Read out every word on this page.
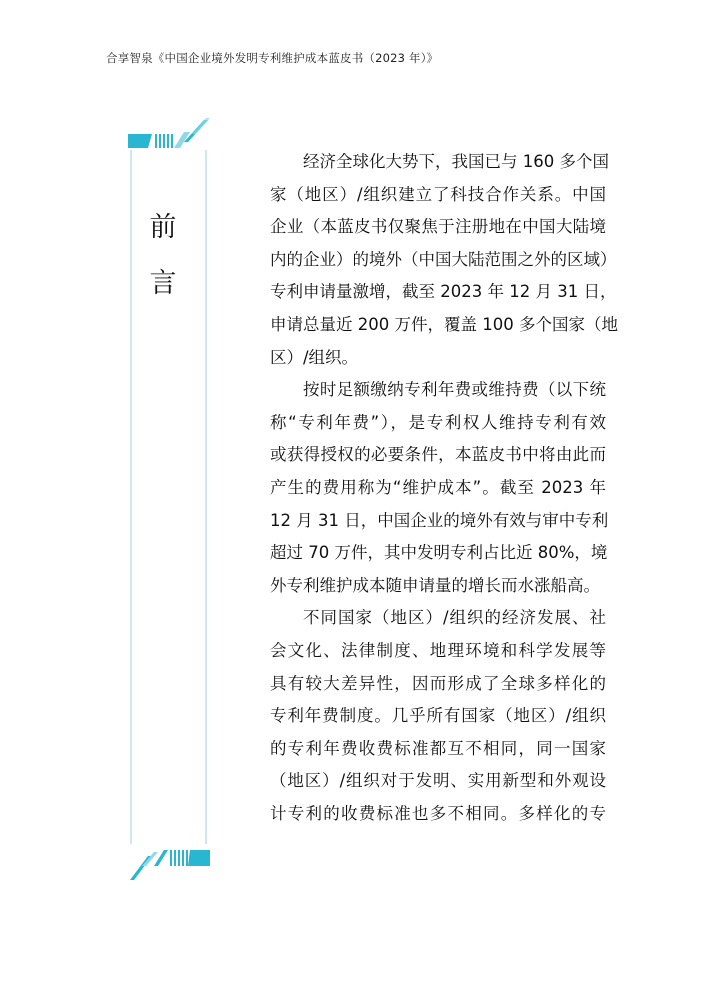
合享智泉《中国企业境外发明专利维护成本蓝皮书（2023 年）》
前
言
经济全球化大势下，我国已与 160 多个国
家（地区）/组织建立了科技合作关系。中国
企业（本蓝皮书仅聚焦于注册地在中国大陆境
内的企业）的境外（中国大陆范围之外的区域）
专利申请量激增，截至 2023 年 12 月 31 日，
申请总量近 200 万件，覆盖 100 多个国家（地
区）/组织。
按时足额缴纳专利年费或维持费（以下统
称“专利年费”），是专利权人维持专利有效
或获得授权的必要条件，本蓝皮书中将由此而
产生的费用称为“维护成本”。截至 2023 年
12 月 31 日，中国企业的境外有效与审中专利
超过 70 万件，其中发明专利占比近 80%，境
外专利维护成本随申请量的增长而水涨船高。
不同国家（地区）/组织的经济发展、社
会文化、法律制度、地理环境和科学发展等
具有较大差异性，因而形成了全球多样化的
专利年费制度。几乎所有国家（地区）/组织
的专利年费收费标准都互不相同，同一国家
（地区）/组织对于发明、实用新型和外观设
计专利的收费标准也多不相同。多样化的专
